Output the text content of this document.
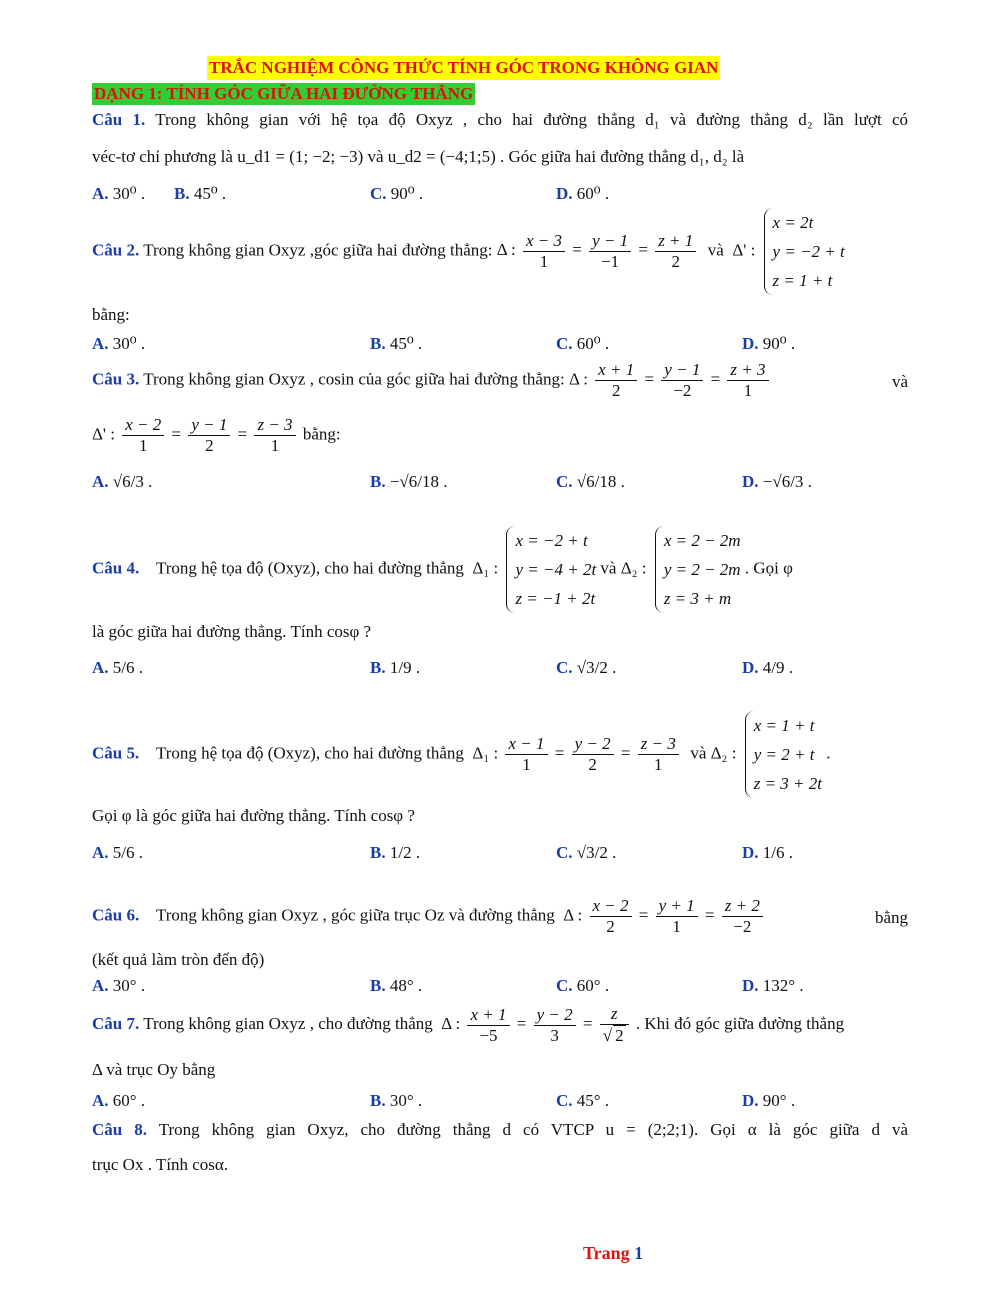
TRẮC NGHIỆM CÔNG THỨC TÍNH GÓC TRONG KHÔNG GIAN
DẠNG 1: TÍNH GÓC GIỮA HAI ĐƯỜNG THẲNG
Câu 1. Trong không gian với hệ tọa độ Oxyz , cho hai đường thẳng d₁ và đường thẳng d₂ lần lượt có
véc-tơ chỉ phương là u_d1 = (1; −2; −3) và u_d2 = (−4;1;5) . Góc giữa hai đường thẳng d₁, d₂ là
A. 30⁰ . B. 45⁰ .	C. 90⁰ .	D. 60⁰ .
Câu 2. Trong không gian Oxyz ,góc giữa hai đường thẳng: Δ : $\frac{x - 3}{1} = \frac{y - 1}{-1} = \frac{z + 1}{2}$ và  Δ' :
x = 2t
y = −2 + t
z = 1 + t
bằng:
A. 30⁰ .	B. 45⁰ .	C. 60⁰ .	D. 90⁰ .
Câu 3. Trong không gian Oxyz , cosin của góc giữa hai đường thẳng: Δ : $\frac{x + 1}{2} = \frac{y - 1}{-2} = \frac{z + 3}{1}$	và
Δ' : $\frac{x - 2}{1} = \frac{y - 1}{2} = \frac{z - 3}{1}$ bằng:
A. √6/3 .	B. −√6/18 .	C. √6/18 .	D. −√6/3 .
Câu 4. Trong hệ tọa độ (Oxyz), cho hai đường thẳng  Δ₁ :
x = −2 + t
y = −4 + 2t
z = −1 + 2t
và Δ₂ :
x = 2 − 2m
y = 2 − 2m
z = 3 + m
. Gọi φ
là góc giữa hai đường thẳng. Tính cosφ ?
A. 5/6 .	B. 1/9 .	C. √3/2 .	D. 4/9 .
Câu 5. Trong hệ tọa độ (Oxyz), cho hai đường thẳng  Δ₁ : $\frac{x - 1}{1} = \frac{y - 2}{2} = \frac{z - 3}{1}$ và Δ₂ :
x = 1 + t
y = 2 + t
z = 3 + 2t
.
Gọi φ là góc giữa hai đường thẳng. Tính cosφ ?
A. 5/6 .	B. 1/2 .	C. √3/2 .	D. 1/6 .
Câu 6. Trong không gian Oxyz , góc giữa trục Oz và đường thẳng  Δ : $\frac{x - 2}{2} = \frac{y + 1}{1} = \frac{z + 2}{-2}$	bằng
(kết quả làm tròn đến độ)
A. 30° .	B. 48° .	C. 60° .	D. 132° .
Câu 7. Trong không gian Oxyz , cho đường thẳng  Δ : $\frac{x + 1}{-5} = \frac{y - 2}{3} = \frac{z}{√ 2}$ . Khi đó góc giữa đường thẳng
Δ và trục Oy bằng
A. 60° .	B. 30° .	C. 45° .	D. 90° .
Câu 8. Trong không gian Oxyz, cho đường thẳng d có VTCP u = (2;2;1). Gọi α là góc giữa d và
trục Ox . Tính cosα.
Trang 1
